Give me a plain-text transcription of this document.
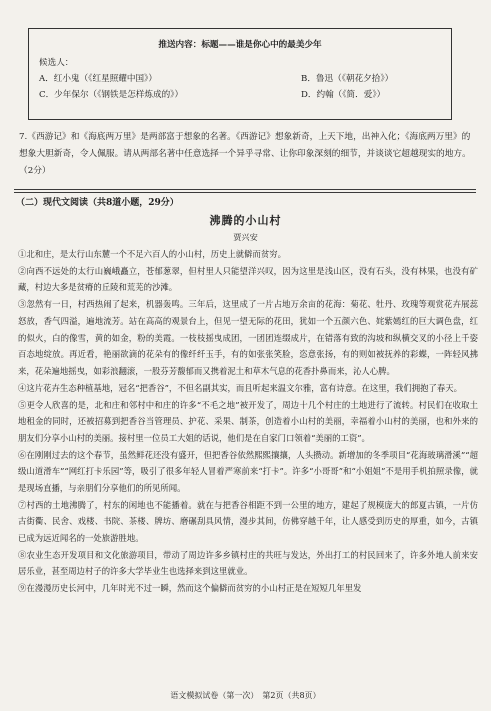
推送内容：标题——谁是你心中的最美少年
候选人：
A．红小鬼（《红星照耀中国》）	B．鲁迅（《朝花夕拾》）
C．少年保尔（《钢铁是怎样炼成的》）	D．约翰（《简．爱》）
7.《西游记》和《海底两万里》是两部富于想象的名著。《西游记》想象新奇，上天下地，出神入化；《海底两万里》的想象大胆新奇，令人佩服。请从两部名著中任意选择一个异乎寻常、让你印象深刻的细节，并谈谈它超越现实的地方。（2分）
（二）现代文阅读（共8道小题，29分）
沸腾的小山村
贾兴安

①北和庄，是太行山东麓一个不足六百人的小山村，历史上就僻而贫穷。

②向西不远处的太行山巍峨矗立，苍郁葱翠，但村里人只能望洋兴叹，因为这里是浅山区，没有石头，没有林果，也没有矿藏，村边大多是贫瘠的丘陵和荒芜的沙滩。

③忽然有一日，村西热闹了起来，机器轰鸣。三年后，这里成了一片占地万余亩的花海：菊花、牡丹、玫瑰等观赏花卉展蕊怒放，香气四溢，遍地流芳。站在高高的观景台上，但见一望无际的花田，犹如一个五颜六色、姹紫嫣红的巨大调色盘，红的似火，白的像雪，黄的如金，粉的美霞。一枝枝摇曳成团，一团团连缀成片，在错落有致的沟坡和纵横交叉的小径上千姿百态地绽放。再近看，艳丽欲滴的花朵有的像纤纤玉手，有的如张张笑脸，恣意张扬，有的则如被抚养的彩蝶，一阵轻风拂来，花朵遍地摇曳，如彩浪翻滚，一股芬芳馥郁而又携着泥土和草木气息的花香扑鼻而来，沁人心脾。

④这片花卉生态种植基地，冠名“把香谷”，不但名副其实，而且听起来温文尔雅，富有诗意。在这里，我们拥抱了春天。

⑤更令人欣喜的是，北和庄和邻村中和庄的许多“不毛之地”被开发了，周边十几个村庄的土地进行了流转。村民们在收取土地租金的同时，还被招募到把香谷当管理员、护花、采果、制茶，创造着小山村的美丽，幸福着小山村的美丽，也和外来的朋友们分享小山村的美丽。接村里一位员工大姐的话说，他们是在自家门口领着“美丽的工资”。

⑥在刚刚过去的这个春节，虽然鲜花还没有盛开，但把香谷依然熙熙攘攘，人头攒动。新增加的冬季项目“花海玻璃滑溪”“超级山道滑车”“网红打卡乐园”等，吸引了很多年轻人冒着严寒前来“打卡”。许多“小哥哥”和“小姐姐”不是用手机拍照录像，就是现场直播，与亲朋们分享他们的所见所闻。

⑦村西的土地沸腾了，村东的闲地也不能播着。就在与把香谷相距不到一公里的地方，建起了规模庞大的郎夏古镇，一片仿古街衢、民舍、戏楼、书院、茶楼、牌坊、磨碾刮具风情，漫步其间，仿佛穿越千年，让人感受到历史的厚重，如今，古镇已成为远近闻名的一处旅游胜地。

⑧农业生态开发项目和文化旅游项目，带动了周边许多乡镇村庄的共旺与发达，外出打工的村民回来了，许多外地人前来安居乐业，甚至周边村子的许多大学毕业生也选择来到这里就业。

⑨在漫漫历史长河中，几年时光不过一瞬，然而这个偏僻而贫穷的小山村正是在短短几年里发

语文模拟试卷（第一次）　第2页（共8页）
